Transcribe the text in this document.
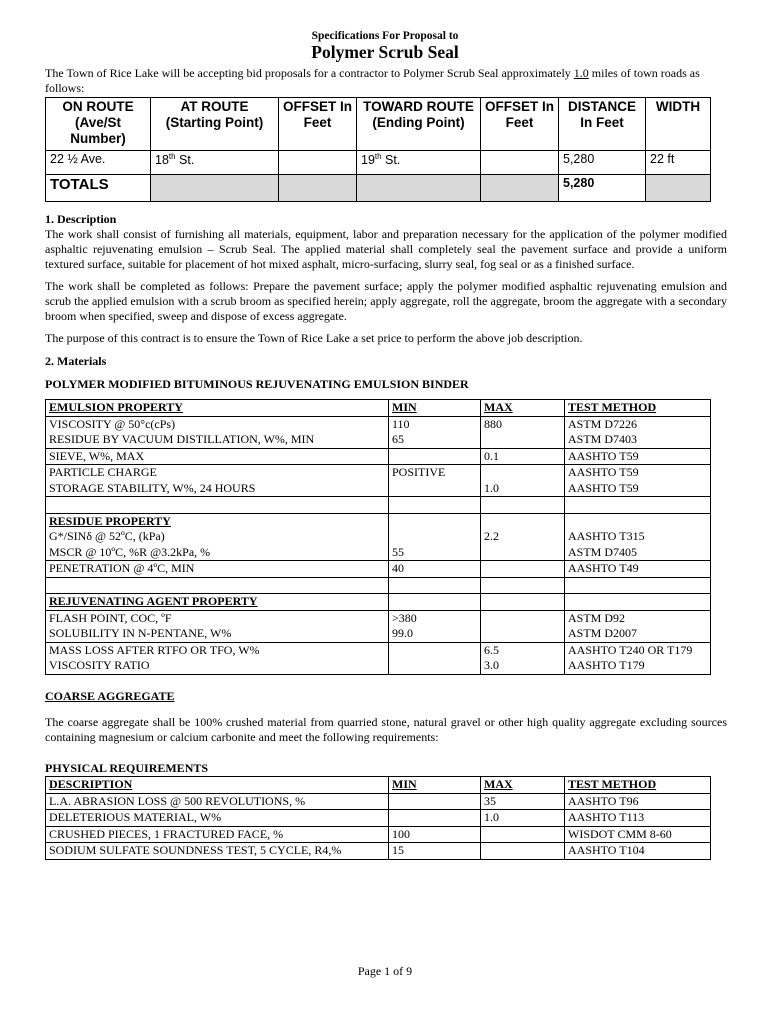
Specifications For Proposal to
Polymer Scrub Seal
The Town of Rice Lake will be accepting bid proposals for a contractor to Polymer Scrub Seal approximately 1.0 miles of town roads as follows:
ON ROUTE (Ave/St Number)	AT ROUTE (Starting Point)	OFFSET In Feet	TOWARD ROUTE (Ending Point)	OFFSET In Feet	DISTANCE In Feet	WIDTH
22 ½ Ave.	18th St.		19th St.		5,280	22 ft
TOTALS					5,280	
1. Description
The work shall consist of furnishing all materials, equipment, labor and preparation necessary for the application of the polymer modified asphaltic rejuvenating emulsion – Scrub Seal. The applied material shall completely seal the pavement surface and provide a uniform textured surface, suitable for placement of hot mixed asphalt, micro-surfacing, slurry seal, fog seal or as a finished surface.
The work shall be completed as follows: Prepare the pavement surface; apply the polymer modified asphaltic rejuvenating emulsion and scrub the applied emulsion with a scrub broom as specified herein; apply aggregate, roll the aggregate, broom the aggregate with a secondary broom when specified, sweep and dispose of excess aggregate.
The purpose of this contract is to ensure the Town of Rice Lake a set price to perform the above job description.
2. Materials
POLYMER MODIFIED BITUMINOUS REJUVENATING EMULSION BINDER
EMULSION PROPERTY	MIN	MAX	TEST METHOD
VISCOSITY @ 50°c(cPs)	110	880	ASTM D7226
RESIDUE BY VACUUM DISTILLATION, W%, MIN	65		ASTM D7403
SIEVE, W%, MAX		0.1	AASHTO T59
PARTICLE CHARGE	POSITIVE		AASHTO T59
STORAGE STABILITY, W%, 24 HOURS		1.0	AASHTO T59

RESIDUE PROPERTY			
G*/SINδ @ 52ºC, (kPa)		2.2	AASHTO T315
MSCR @ 10ºC, %R @3.2kPa, %	55		ASTM D7405
PENETRATION @ 4ºC, MIN	40		AASHTO T49

REJUVENATING AGENT PROPERTY			
FLASH POINT, COC, ºF	>380		ASTM D92
SOLUBILITY IN N-PENTANE, W%	99.0		ASTM D2007
MASS LOSS AFTER RTFO OR TFO, W%		6.5	AASHTO T240 OR T179
VISCOSITY RATIO		3.0	AASHTO T179
COARSE AGGREGATE
The coarse aggregate shall be 100% crushed material from quarried stone, natural gravel or other high quality aggregate excluding sources containing magnesium or calcium carbonite and meet the following requirements:
PHYSICAL REQUIREMENTS
DESCRIPTION	MIN	MAX	TEST METHOD
L.A. ABRASION LOSS @ 500 REVOLUTIONS, %		35	AASHTO T96
DELETERIOUS MATERIAL, W%		1.0	AASHTO T113
CRUSHED PIECES, 1 FRACTURED FACE, %	100		WISDOT CMM 8-60
SODIUM SULFATE SOUNDNESS TEST, 5 CYCLE, R4,%	15		AASHTO T104
Page 1 of 9
